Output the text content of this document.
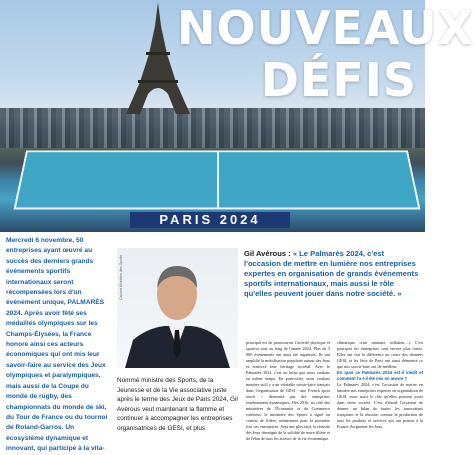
PARIS 2024
NOUVEAUX
DÉFIS
Mercredi 6 novembre, 50 entreprises ayant œuvré au succès des derniers grands événements sportifs internationaux seront récompensées lors d'un événement unique, PALMARÈS 2024. Après avoir fêté ses médaillés olympiques sur les Champs-Élysées, la France honore ainsi ces acteurs économiques qui ont mis leur savoir-faire au service des Jeux olympiques et paralympiques, mais aussi de la Coupe du monde de rugby, des championnats du monde de ski, du Tour de France ou du tournoi de Roland-Garros. Un écosystème dynamique et innovant, qui participe à la vita-
Cabinet Ministère des Sports
Nommé ministre des Sports, de la Jeunesse et de la Vie associative juste après le terme des Jeux de Paris 2024, Gil Avérous veut maintenant la flamme et continuer à accompagner les entreprises organisatrices de GESI, et plus
Gil Avérous : « Le Palmarès 2024, c'est l'occasion de mettre en lumière nos entreprises expertes en organisation de grands événements sportifs internationaux, mais aussi le rôle qu'elles peuvent jouer dans notre société. »
principal est de promouvoir l'activité physique et sportive tout au long de l'année 2024. Plus de 3 000 événements ont ainsi été organisés. Ils ont amplifié la mobilisation populaire autour des Jeux et renforcé leur héritage sociétal. Avec le Palmarès 2024, c'est un bilan que nous voulons en même temps. En particulier, nous voulons montrer qu'il y a un véritable savoir-faire français dans l'organisation de GESI - une French sport touch -, démontré par des entreprises extrêmement dynamiques. Dès 2016, au côté des ministères de l'Économie et du Commerce extérieur, le ministère des Sports a signé un contrat de filière, notamment pour la première fois ces entreprises. Sept ans plus tard, la réussite des Jeux témoigne de la solidité de notre filière et de l'élan de tous les acteurs de la vie économique.
climatique, crise sanitaire, inflation…). C'est pourquoi les entreprises sont encore plus fortes. Elles ont fait la différence au cours des derniers GESI, et les Jeux de Paris ont aussi démontré ce que nos savoir-faire ont de meilleur.
En quoi ce Palmarès 2024 est-il inédit et comment l'a-t-il été mis en œuvre ?
Le Palmarès 2024, c'est l'occasion de mettre en lumière nos entreprises expertes en organisation de GESI, mais aussi le rôle qu'elles peuvent jouer dans notre société. C'est d'abord l'occasion de donner un bilan de toutes les innovations françaises et la réussite, comme la production de tous les produits et services qui ont permis à la France d'organiser les Jeux.
